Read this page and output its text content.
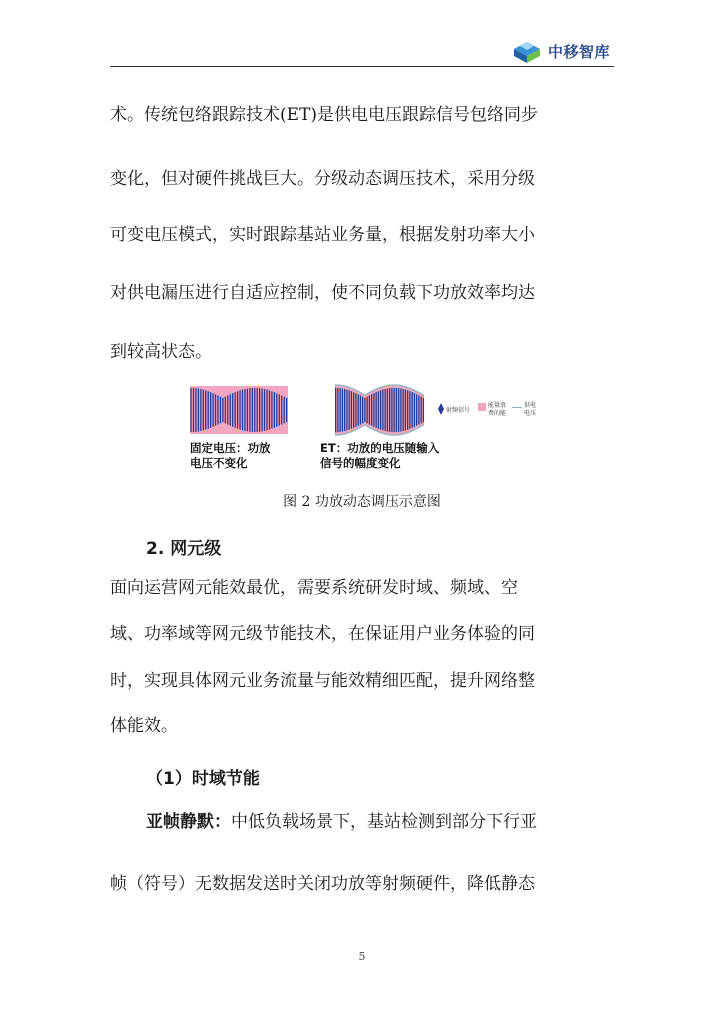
中移智库
术。传统包络跟踪技术(ET)是供电电压跟踪信号包络同步
变化，但对硬件挑战巨大。分级动态调压技术，采用分级
可变电压模式，实时跟踪基站业务量，根据发射功率大小
对供电漏压进行自适应控制，使不同负载下功放效率均达
到较高状态。
射频信号
能量浪
费的能
供电
电压
固定电压：功放
电压不变化
ET：功放的电压随输入
信号的幅度变化
图 2 功放动态调压示意图
2. 网元级
面向运营网元能效最优，需要系统研发时域、频域、空
域、功率域等网元级节能技术，在保证用户业务体验的同
时，实现具体网元业务流量与能效精细匹配，提升网络整
体能效。
（1）时域节能
亚帧静默：中低负载场景下，基站检测到部分下行亚
帧（符号）无数据发送时关闭功放等射频硬件，降低静态
5
